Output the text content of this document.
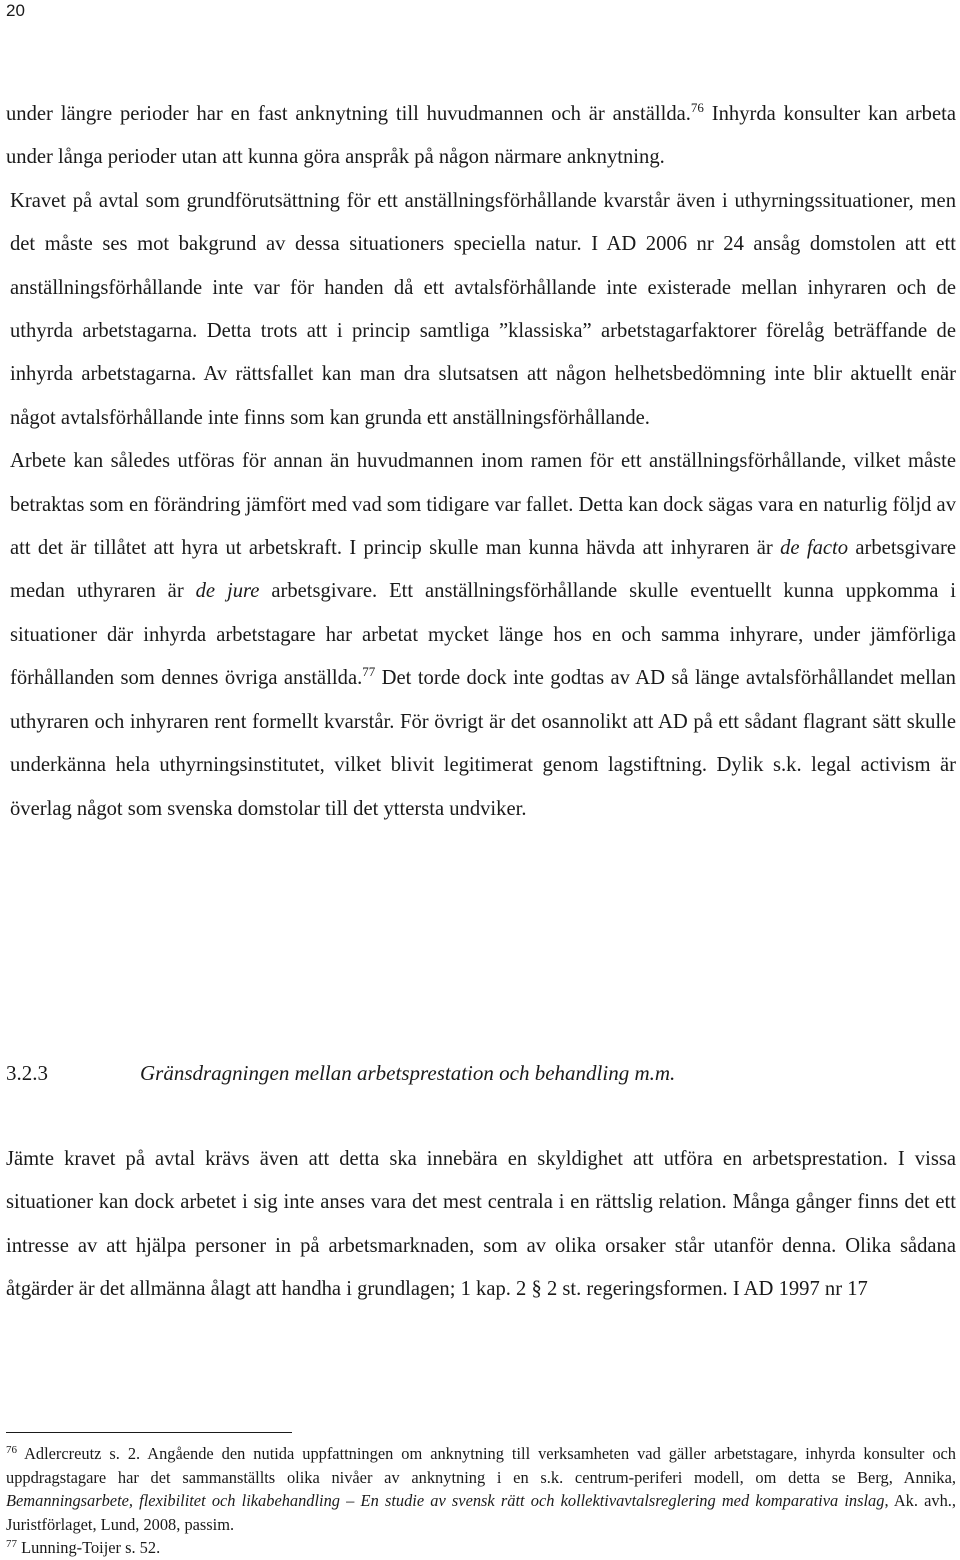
20

under längre perioder har en fast anknytning till huvudmannen och är anställda.$^{76}$ Inhyrda konsulter kan arbeta under långa perioder utan att kunna göra anspråk på någon närmare anknytning.

Kravet på avtal som grundförutsättning för ett anställningsförhållande kvarstår även i uthyrningssituationer, men det måste ses mot bakgrund av dessa situationers speciella natur. I AD 2006 nr 24 ansåg domstolen att ett anställningsförhållande inte var för handen då ett avtalsförhållande inte existerade mellan inhyraren och de uthyrda arbetstagarna. Detta trots att i princip samtliga ”klassiska” arbetstagarfaktorer förelåg beträffande de inhyrda arbetstagarna. Av rättsfallet kan man dra slutsatsen att någon helhetsbedömning inte blir aktuellt enär något avtalsförhållande inte finns som kan grunda ett anställningsförhållande.

Arbete kan således utföras för annan än huvudmannen inom ramen för ett anställningsförhållande, vilket måste betraktas som en förändring jämfört med vad som tidigare var fallet. Detta kan dock sägas vara en naturlig följd av att det är tillåtet att hyra ut arbetskraft. I princip skulle man kunna hävda att inhyraren är de facto arbetsgivare medan uthyraren är de jure arbetsgivare. Ett anställningsförhållande skulle eventuellt kunna uppkomma i situationer där inhyrda arbetstagare har arbetat mycket länge hos en och samma inhyrare, under jämförliga förhållanden som dennes övriga anställda.$^{77}$ Det torde dock inte godtas av AD så länge avtalsförhållandet mellan uthyraren och inhyraren rent formellt kvarstår. För övrigt är det osannolikt att AD på ett sådant flagrant sätt skulle underkänna hela uthyrningsinstitutet, vilket blivit legitimerat genom lagstiftning. Dylik s.k. legal activism är överlag något som svenska domstolar till det yttersta undviker.

3.2.3	Gränsdragningen mellan arbetsprestation och behandling m.m.

Jämte kravet på avtal krävs även att detta ska innebära en skyldighet att utföra en arbetsprestation. I vissa situationer kan dock arbetet i sig inte anses vara det mest centrala i en rättslig relation. Många gånger finns det ett intresse av att hjälpa personer in på arbetsmarknaden, som av olika orsaker står utanför denna. Olika sådana åtgärder är det allmänna ålagt att handha i grundlagen; 1 kap. 2 § 2 st. regeringsformen. I AD 1997 nr 17

$^{76}$ Adlercreutz s. 2. Angående den nutida uppfattningen om anknytning till verksamheten vad gäller arbetstagare, inhyrda konsulter och uppdragstagare har det sammanställts olika nivåer av anknytning i en s.k. centrum-periferi modell, om detta se Berg, Annika, Bemanningsarbete, flexibilitet och likabehandling – En studie av svensk rätt och kollektivavtalsreglering med komparativa inslag, Ak. avh., Juristförlaget, Lund, 2008, passim.

$^{77}$ Lunning-Toijer s. 52.
